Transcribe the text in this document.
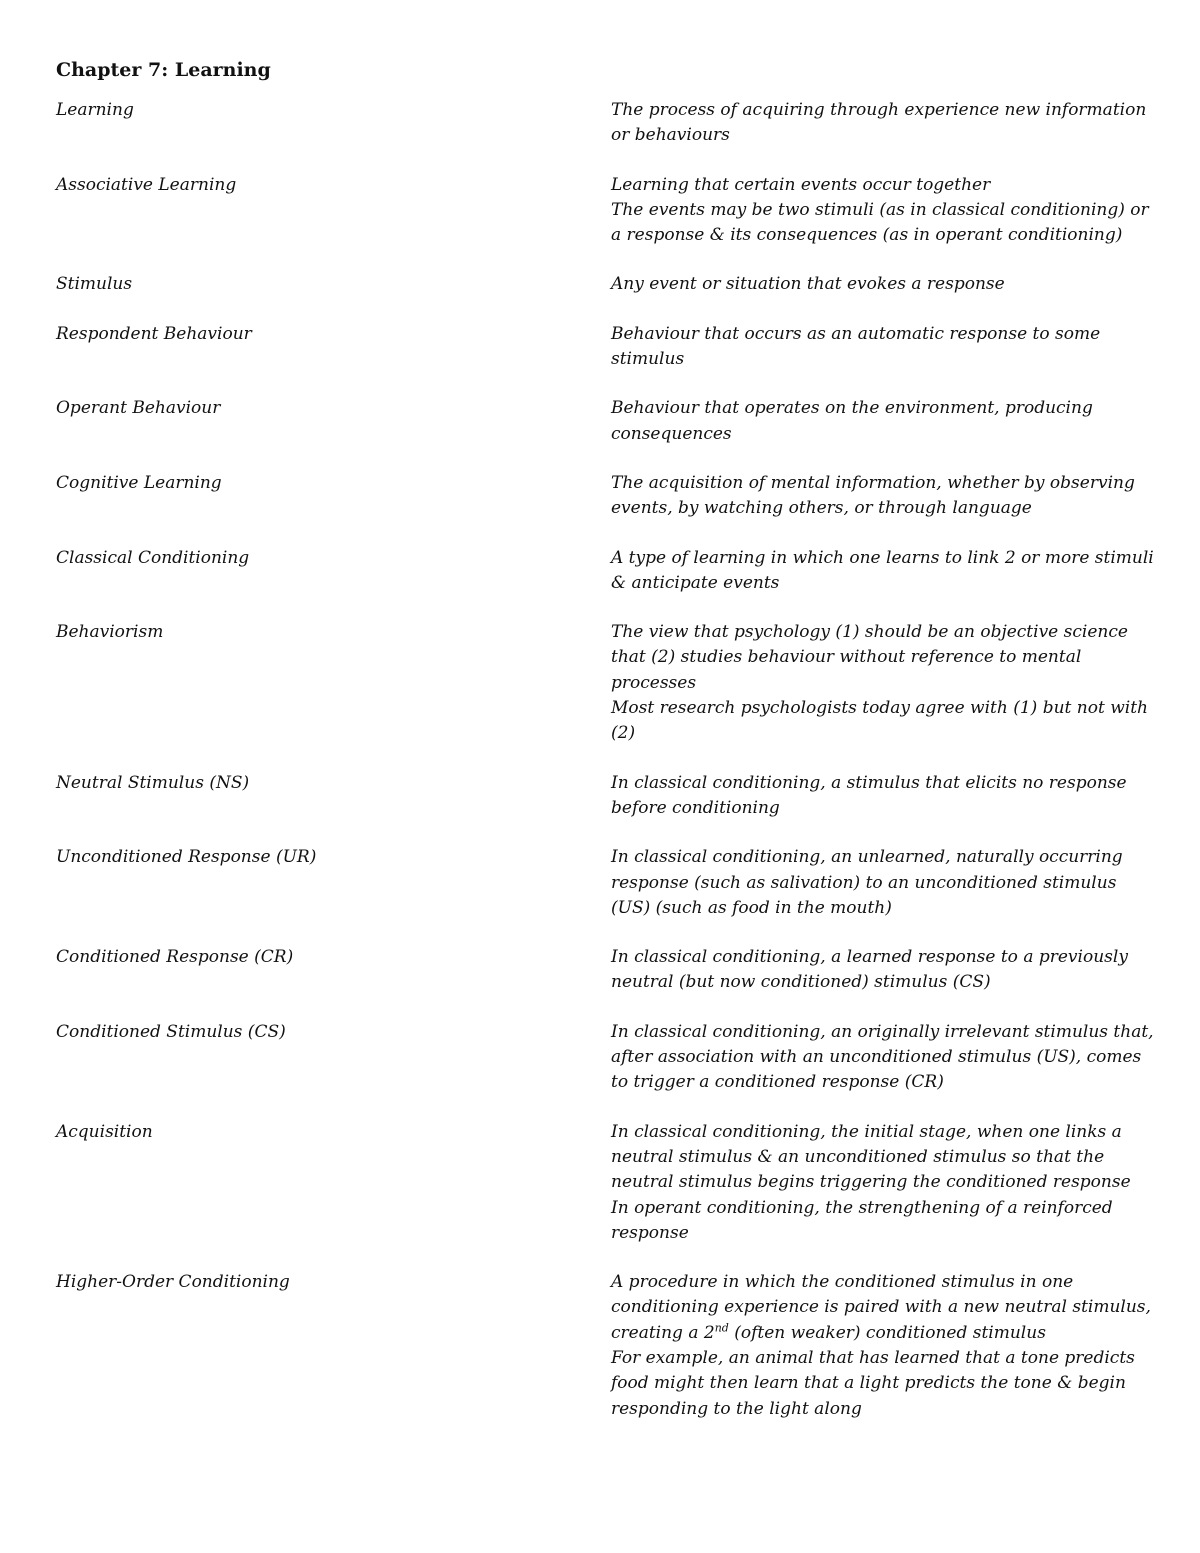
Chapter 7: Learning
Learning	The process of acquiring through experience new information or behaviours
Associative Learning	Learning that certain events occur together
The events may be two stimuli (as in classical conditioning) or a response & its consequences (as in operant conditioning)
Stimulus	Any event or situation that evokes a response
Respondent Behaviour	Behaviour that occurs as an automatic response to some stimulus
Operant Behaviour	Behaviour that operates on the environment, producing consequences
Cognitive Learning	The acquisition of mental information, whether by observing events, by watching others, or through language
Classical Conditioning	A type of learning in which one learns to link 2 or more stimuli & anticipate events
Behaviorism	The view that psychology (1) should be an objective science that (2) studies behaviour without reference to mental processes
Most research psychologists today agree with (1) but not with (2)
Neutral Stimulus (NS)	In classical conditioning, a stimulus that elicits no response before conditioning
Unconditioned Response (UR)	In classical conditioning, an unlearned, naturally occurring response (such as salivation) to an unconditioned stimulus (US) (such as food in the mouth)
Conditioned Response (CR)	In classical conditioning, a learned response to a previously neutral (but now conditioned) stimulus (CS)
Conditioned Stimulus (CS)	In classical conditioning, an originally irrelevant stimulus that, after association with an unconditioned stimulus (US), comes to trigger a conditioned response (CR)
Acquisition	In classical conditioning, the initial stage, when one links a neutral stimulus & an unconditioned stimulus so that the neutral stimulus begins triggering the conditioned response
In operant conditioning, the strengthening of a reinforced response
Higher-Order Conditioning	A procedure in which the conditioned stimulus in one conditioning experience is paired with a new neutral stimulus, creating a 2nd (often weaker) conditioned stimulus
For example, an animal that has learned that a tone predicts food might then learn that a light predicts the tone & begin responding to the light along
